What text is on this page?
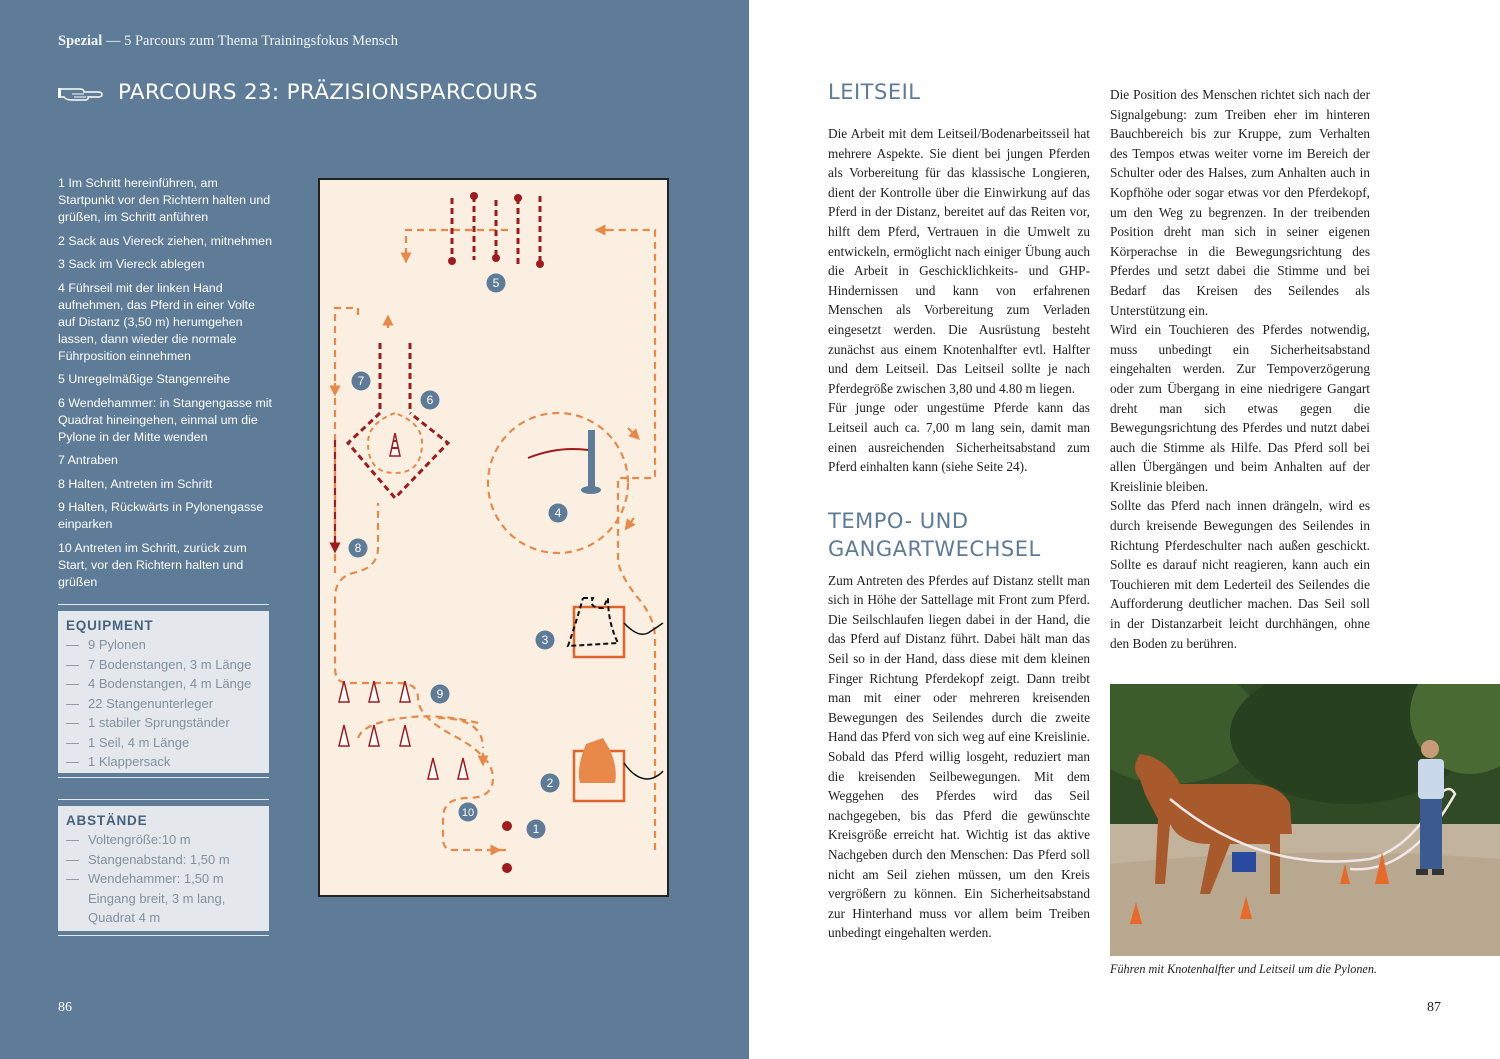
Spezial — 5 Parcours zum Thema Trainingsfokus Mensch
PARCOURS 23: PRÄZISIONSPARCOURS

1 Im Schritt hereinführen, am Startpunkt vor den Richtern halten und grüßen, im Schritt anführen

2 Sack aus Viereck ziehen, mitnehmen

3 Sack im Viereck ablegen

4 Führseil mit der linken Hand aufnehmen, das Pferd in einer Volte auf Distanz (3,50 m) herumgehen lassen, dann wieder die normale Führposition einnehmen

5 Unregelmäßige Stangenreihe

6 Wendehammer: in Stangengasse mit Quadrat hineingehen, einmal um die Pylone in der Mitte wenden

7 Antraben

8 Halten, Antreten im Schritt

9 Halten, Rückwärts in Pylonengasse einparken

10 Antreten im Schritt, zurück zum Start, vor den Richtern halten und grüßen

EQUIPMENT
— 9 Pylonen
— 7 Bodenstangen, 3 m Länge
— 4 Bodenstangen, 4 m Länge
— 22 Stangenunterleger
— 1 stabiler Sprungständer
— 1 Seil, 4 m Länge
— 1 Klappersack
ABSTÄNDE
— Voltengröße:10 m
— Stangenabstand: 1,50 m
— Wendehammer: 1,50 m Eingang breit, 3 m lang, Quadrat 4 m
1
2
3
4
5
6
7
8
9
10
86
LEITSEIL

Die Arbeit mit dem Leitseil/Bodenarbeitsseil hat mehrere Aspekte. Sie dient bei jungen Pferden als Vorbereitung für das klassische Longieren, dient der Kontrolle über die Einwirkung auf das Pferd in der Distanz, bereitet auf das Reiten vor, hilft dem Pferd, Vertrauen in die Umwelt zu entwickeln, ermöglicht nach einiger Übung auch die Arbeit in Geschicklichkeits- und GHP-Hindernissen und kann von erfahrenen Menschen als Vorbereitung zum Verladen eingesetzt werden. Die Ausrüstung besteht zunächst aus einem Knotenhalfter evtl. Halfter und dem Leitseil. Das Leitseil sollte je nach Pferdegröße zwischen 3,80 und 4.80 m liegen.

Für junge oder ungestüme Pferde kann das Leitseil auch ca. 7,00 m lang sein, damit man einen ausreichenden Sicherheitsabstand zum Pferd einhalten kann (siehe Seite 24).

TEMPO- UND
GANGARTWECHSEL

Zum Antreten des Pferdes auf Distanz stellt man sich in Höhe der Sattellage mit Front zum Pferd. Die Seilschlaufen liegen dabei in der Hand, die das Pferd auf Distanz führt. Dabei hält man das Seil so in der Hand, dass diese mit dem kleinen Finger Richtung Pferdekopf zeigt. Dann treibt man mit einer oder mehreren kreisenden Bewegungen des Seilendes durch die zweite Hand das Pferd von sich weg auf eine Kreislinie. Sobald das Pferd willig losgeht, reduziert man die kreisenden Seilbewegungen. Mit dem Weggehen des Pferdes wird das Seil nachgegeben, bis das Pferd die gewünschte Kreisgröße erreicht hat. Wichtig ist das aktive Nachgeben durch den Menschen: Das Pferd soll nicht am Seil ziehen müssen, um den Kreis vergrößern zu können. Ein Sicherheitsabstand zur Hinterhand muss vor allem beim Treiben unbedingt eingehalten werden.

Die Position des Menschen richtet sich nach der Signalgebung: zum Treiben eher im hinteren Bauchbereich bis zur Kruppe, zum Verhalten des Tempos etwas weiter vorne im Bereich der Schulter oder des Halses, zum Anhalten auch in Kopfhöhe oder sogar etwas vor den Pferdekopf, um den Weg zu begrenzen. In der treibenden Position dreht man sich in seiner eigenen Körperachse in die Bewegungsrichtung des Pferdes und setzt dabei die Stimme und bei Bedarf das Kreisen des Seilendes als Unterstützung ein.

Wird ein Touchieren des Pferdes notwendig, muss unbedingt ein Sicherheitsabstand eingehalten werden. Zur Tempoverzögerung oder zum Übergang in eine niedrigere Gangart dreht man sich etwas gegen die Bewegungsrichtung des Pferdes und nutzt dabei auch die Stimme als Hilfe. Das Pferd soll bei allen Übergängen und beim Anhalten auf der Kreislinie bleiben.

Sollte das Pferd nach innen drängeln, wird es durch kreisende Bewegungen des Seilendes in Richtung Pferdeschulter nach außen geschickt. Sollte es darauf nicht reagieren, kann auch ein Touchieren mit dem Lederteil des Seilendes die Aufforderung deutlicher machen. Das Seil soll in der Distanzarbeit leicht durchhängen, ohne den Boden zu berühren.

Führen mit Knotenhalfter und Leitseil um die Pylonen.
87
